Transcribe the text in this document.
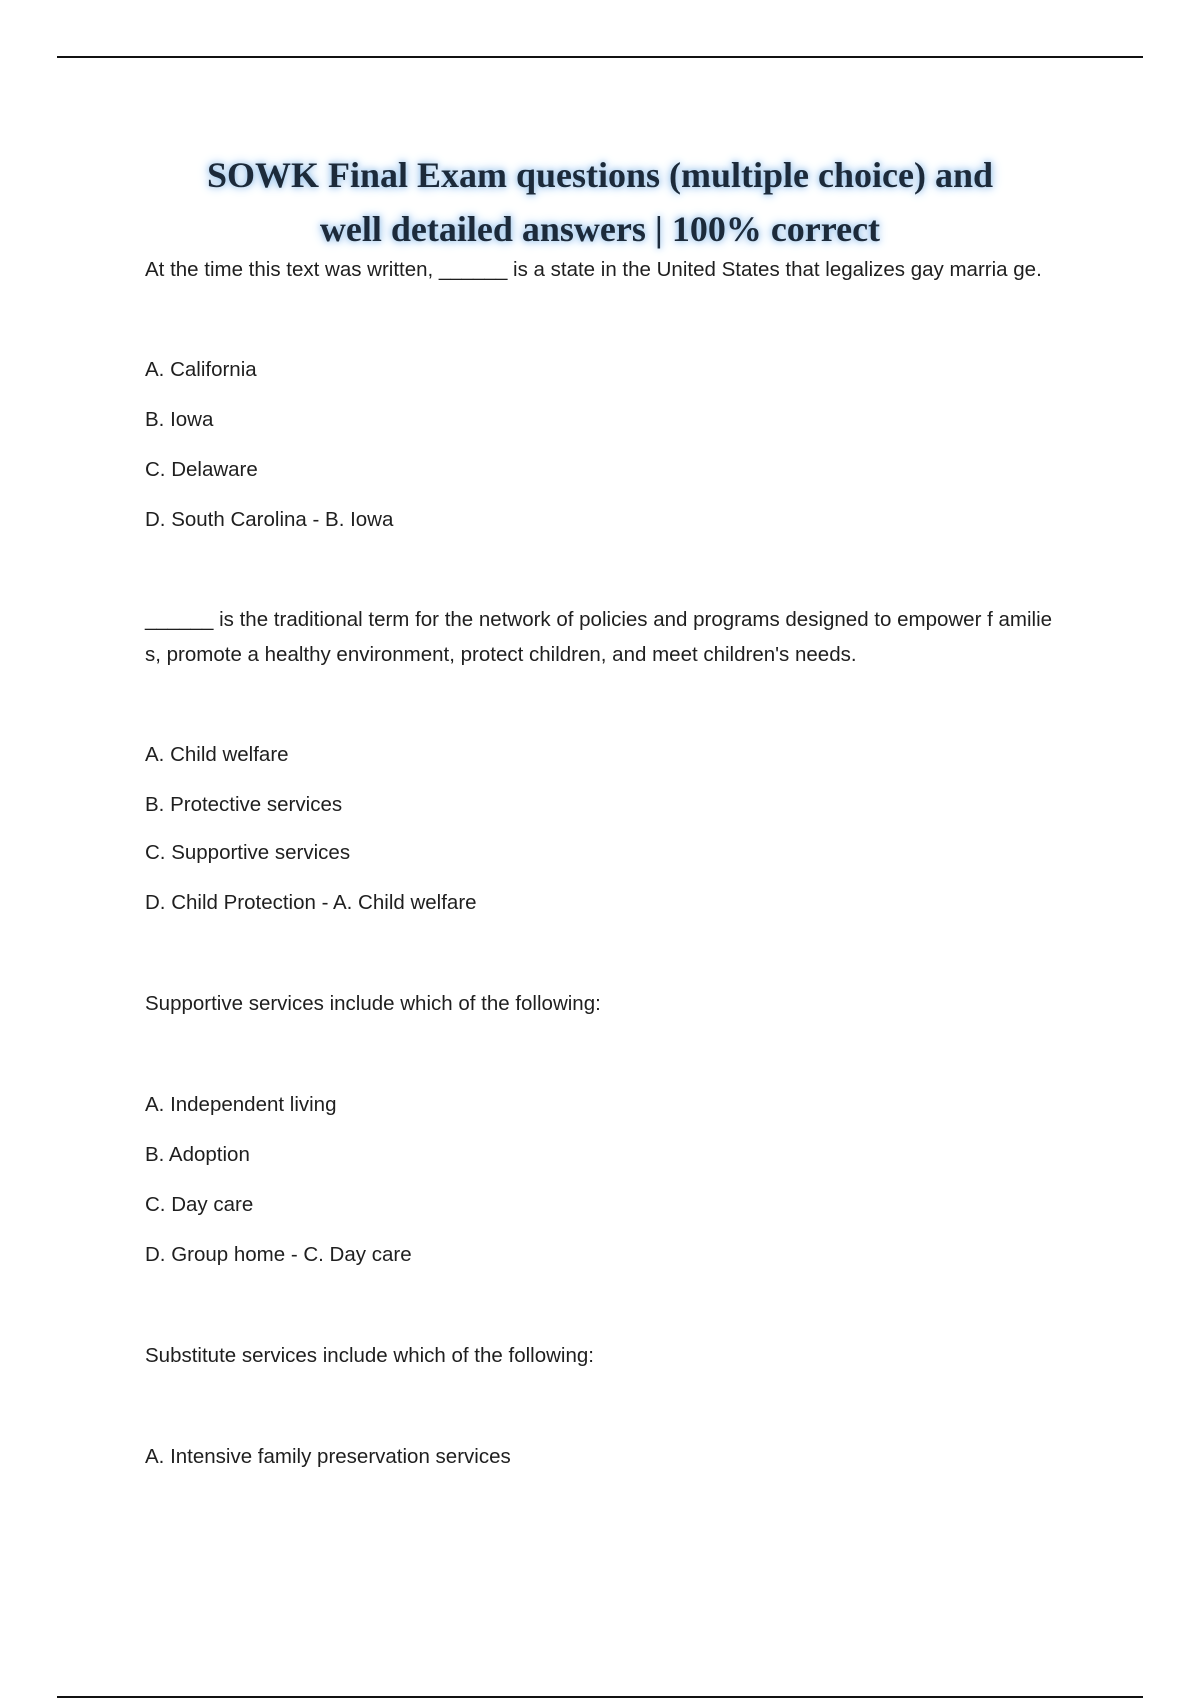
SOWK Final Exam questions (multiple choice) and
well detailed answers | 100% correct

At the time this text was written, ______ is a state in the United States that legalizes gay marria ge.

A. California
B. Iowa
C. Delaware
D. South Carolina - B. Iowa

______ is the traditional term for the network of policies and programs designed to empower f amilies, promote a healthy environment, protect children, and meet children's needs.

A. Child welfare
B. Protective services
C. Supportive services
D. Child Protection - A. Child welfare

Supportive services include which of the following:

A. Independent living
B. Adoption
C. Day care
D. Group home - C. Day care

Substitute services include which of the following:

A. Intensive family preservation services
